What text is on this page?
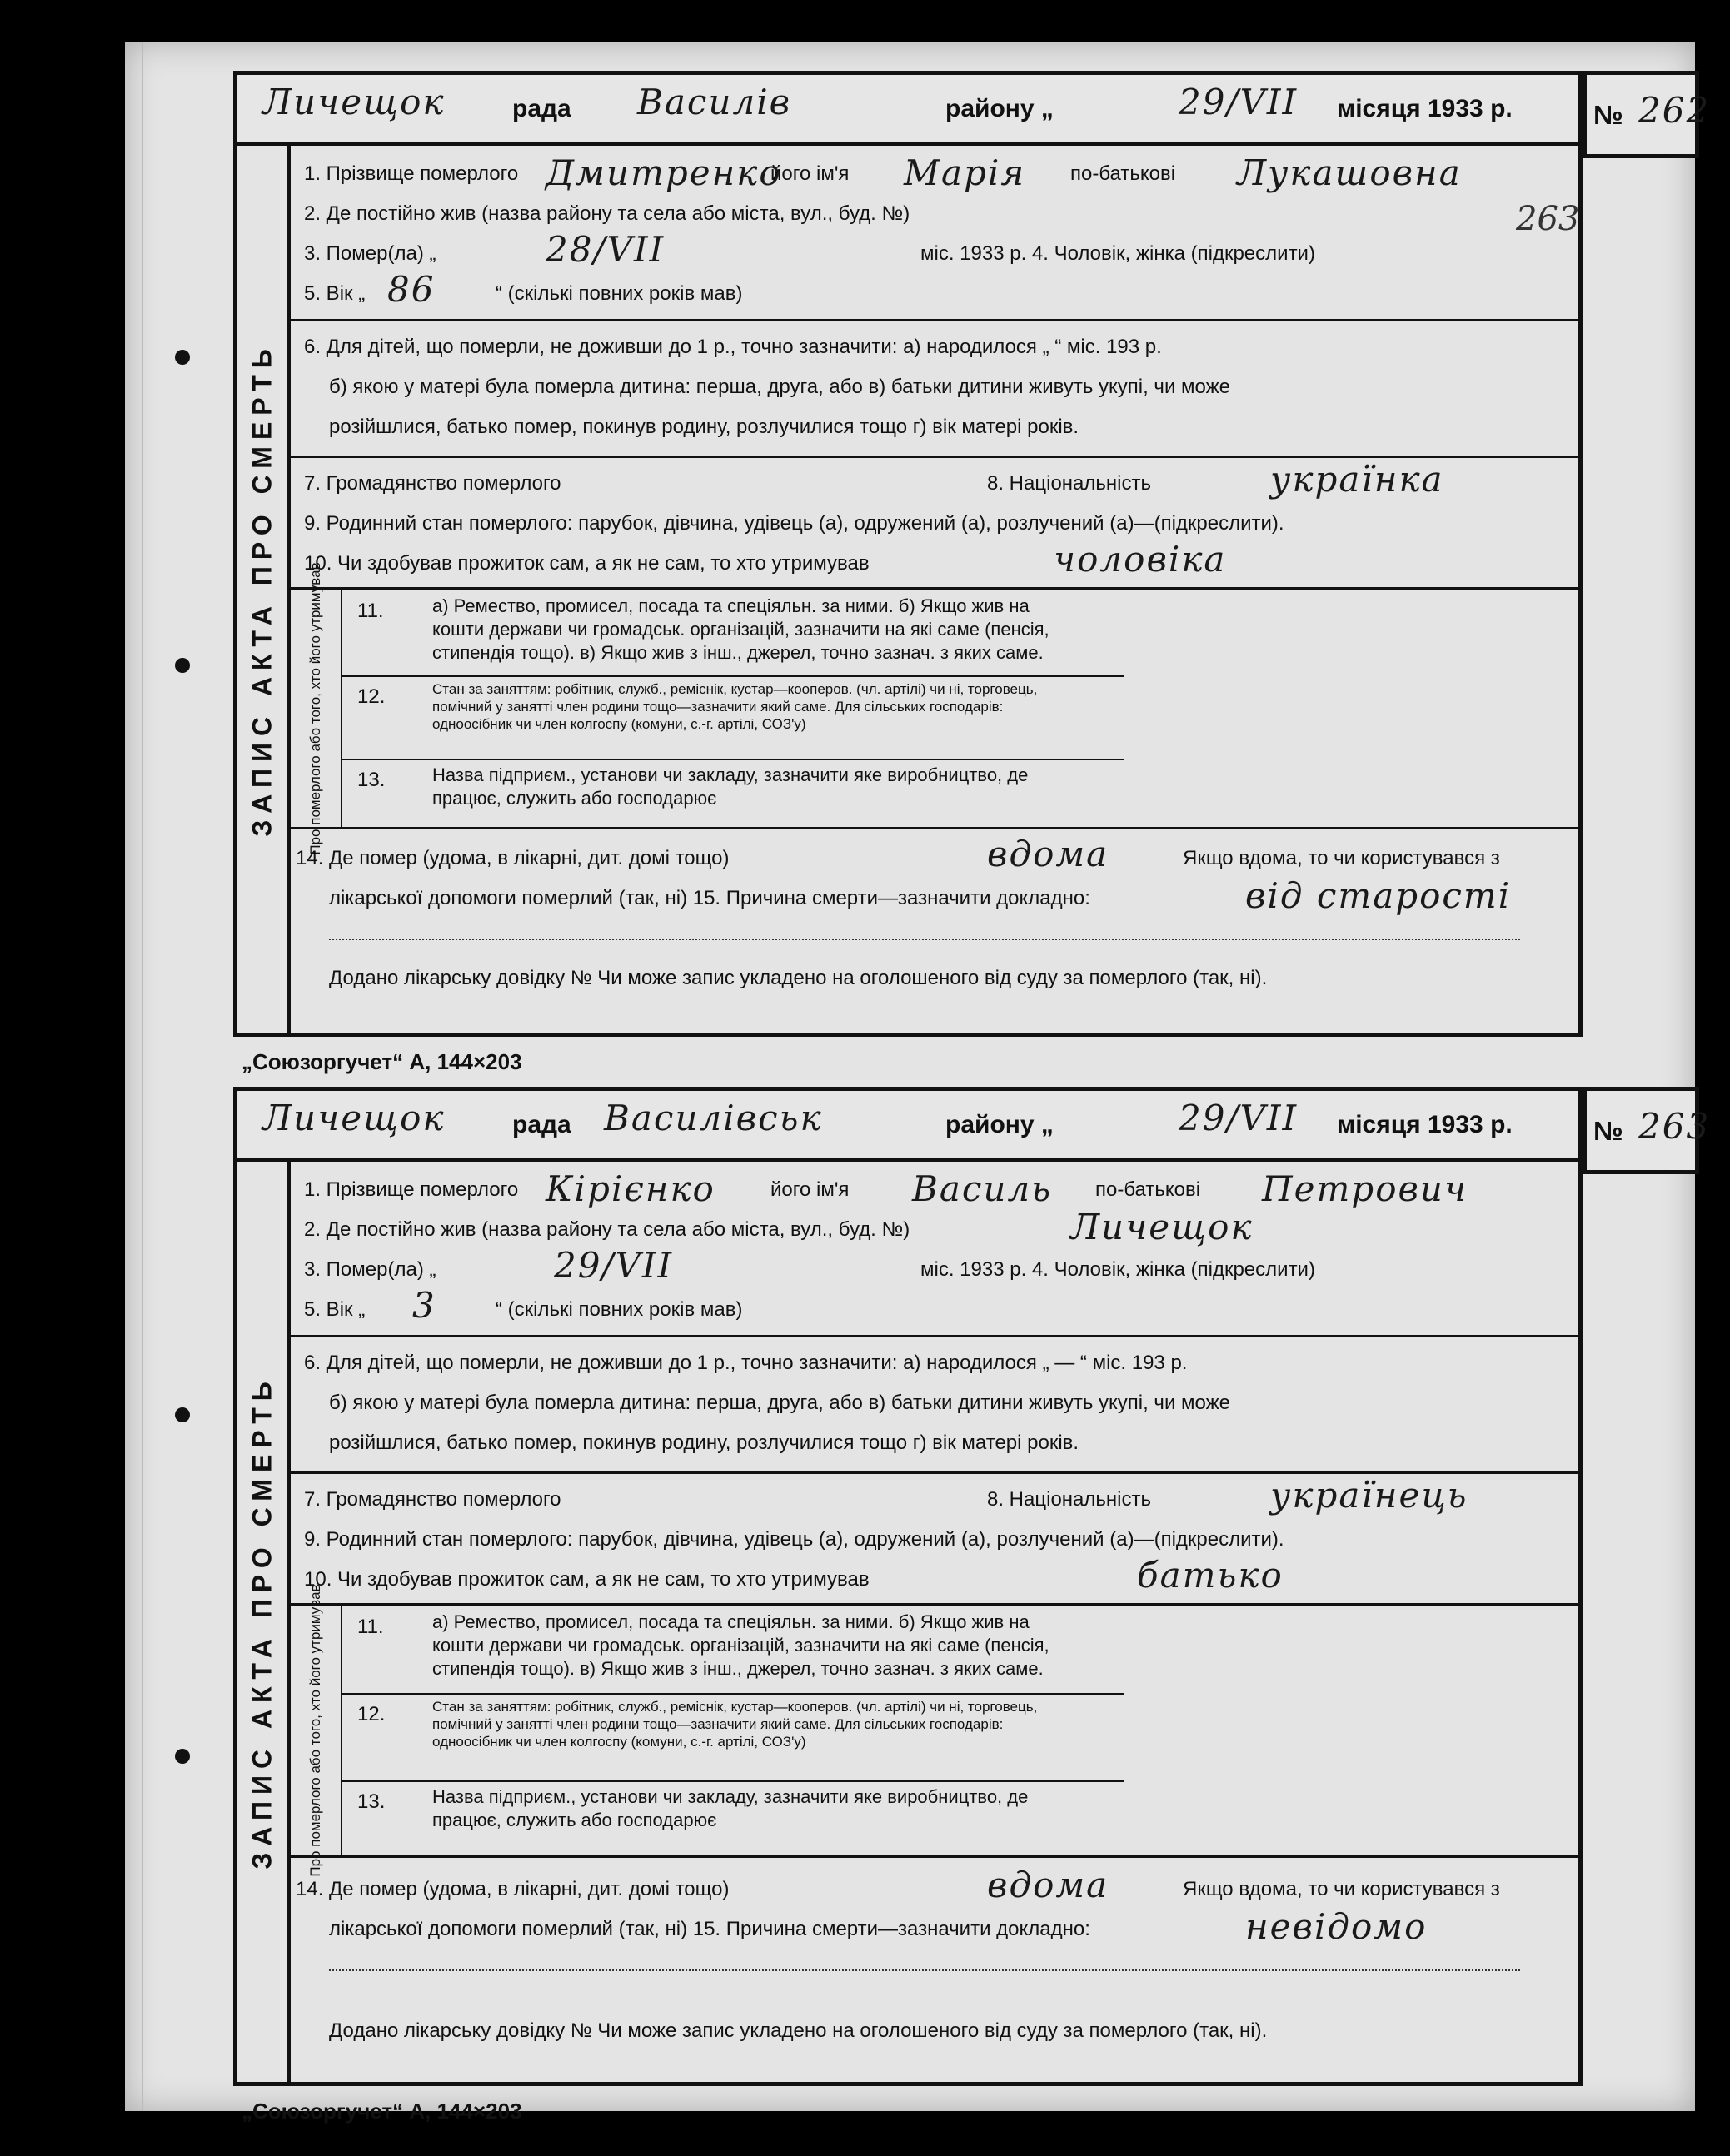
263
Личещок	рада Василів	району „	29/VII місяця 1933 р.	№ 262
ЗАПИС АКТА ПРО СМЕРТЬ
1. Прізвище померлого Дмитренко
його ім'я Марія по-батькові Лукашовна
2. Де постійно жив (назва району та села або міста, вул., буд. №)
3. Помер(ла) „	28/VII	міс. 1933 р. 4. Чоловік, жінка (підкреслити)
5. Вік „ 86	“ (скількі повних років мав)
6. Для дітей, що померли, не доживши до 1 р., точно зазначити: а) народилося „ “ міс. 193 р.
б) якою у матері була померла дитина: перша, друга, або в) батьки дитини живуть укупі, чи може
розійшлися, батько помер, покинув родину, розлучилися тощо г) вік матері років.
7. Громадянство померлого	8. Національність	українка
9. Родинний стан померлого: парубок, дівчина, удівець (а), одружений (а), розлучений (а)—(підкреслити).
10. Чи здобував прожиток сам, а як не сам, то хто утримував	чоловіка
Про померлого або того, хто його утримував 11.	а) Ремество, промисел, посада та спеціяльн. за ними. б) Якщо жив на кошти держави чи громадськ. організацій, зазначити на які саме (пенсія, стипендія тощо). в) Якщо жив з інш., джерел, точно зазнач. з яких саме.
12.	Стан за заняттям: робітник, служб., реміснік, кустар—кооперов. (чл. артілі) чи ні, торговець, помічний у занятті член родини тощо—зазначити який саме. Для сільських господарів: одноосібник чи член колгоспу (комуни, с.-г. артілі, СОЗ'у)
13.	Назва підприєм., установи чи закладу, зазначити яке виробництво, де працює, служить або господарює
14. Де помер (удома, в лікарні, дит. домі тощо)	вдома	Якщо вдома, то чи користувався з
лікарської допомоги померлий (так, ні) 15. Причина смерти—зазначити докладно:	від старості
Додано лікарську довідку № Чи може запис укладено на оголошеного від суду за померлого (так, ні).
„Союзоргучет“ А, 144×203
Личещок	рада Василівськ	району „	29/VII місяця 1933 р.	№ 263
ЗАПИС АКТА ПРО СМЕРТЬ
1. Прізвище померлого Кірієнко	його ім'я Василь по-батькові Петрович
2. Де постійно жив (назва району та села або міста, вул., буд. №)	Личещок
3. Помер(ла) „	29/VII	міс. 1933 р. 4. Чоловік, жінка (підкреслити)
5. Вік „ 3	“ (скількі повних років мав)
6. Для дітей, що померли, не доживши до 1 р., точно зазначити: а) народилося „ — “ міс. 193 р.
б) якою у матері була померла дитина: перша, друга, або в) батьки дитини живуть укупі, чи може
розійшлися, батько помер, покинув родину, розлучилися тощо г) вік матері років.
7. Громадянство померлого	8. Національність	українець
9. Родинний стан померлого: парубок, дівчина, удівець (а), одружений (а), розлучений (а)—(підкреслити).
10. Чи здобував прожиток сам, а як не сам, то хто утримував	батько
Про померлого або того, хто його утримував 11.	а) Ремество, промисел, посада та спеціяльн. за ними. б) Якщо жив на кошти держави чи громадськ. організацій, зазначити на які саме (пенсія, стипендія тощо). в) Якщо жив з інш., джерел, точно зазнач. з яких саме.
12.	Стан за заняттям: робітник, служб., реміснік, кустар—кооперов. (чл. артілі) чи ні, торговець, помічний у занятті член родини тощо—зазначити який саме. Для сільських господарів: одноосібник чи член колгоспу (комуни, с.-г. артілі, СОЗ'у)
13.	Назва підприєм., установи чи закладу, зазначити яке виробництво, де працює, служить або господарює
14. Де помер (удома, в лікарні, дит. домі тощо)	вдома	Якщо вдома, то чи користувався з
лікарської допомоги померлий (так, ні) 15. Причина смерти—зазначити докладно:	невідомо
Додано лікарську довідку № Чи може запис укладено на оголошеного від суду за померлого (так, ні).
„Союзоргучет“ А, 144×203
